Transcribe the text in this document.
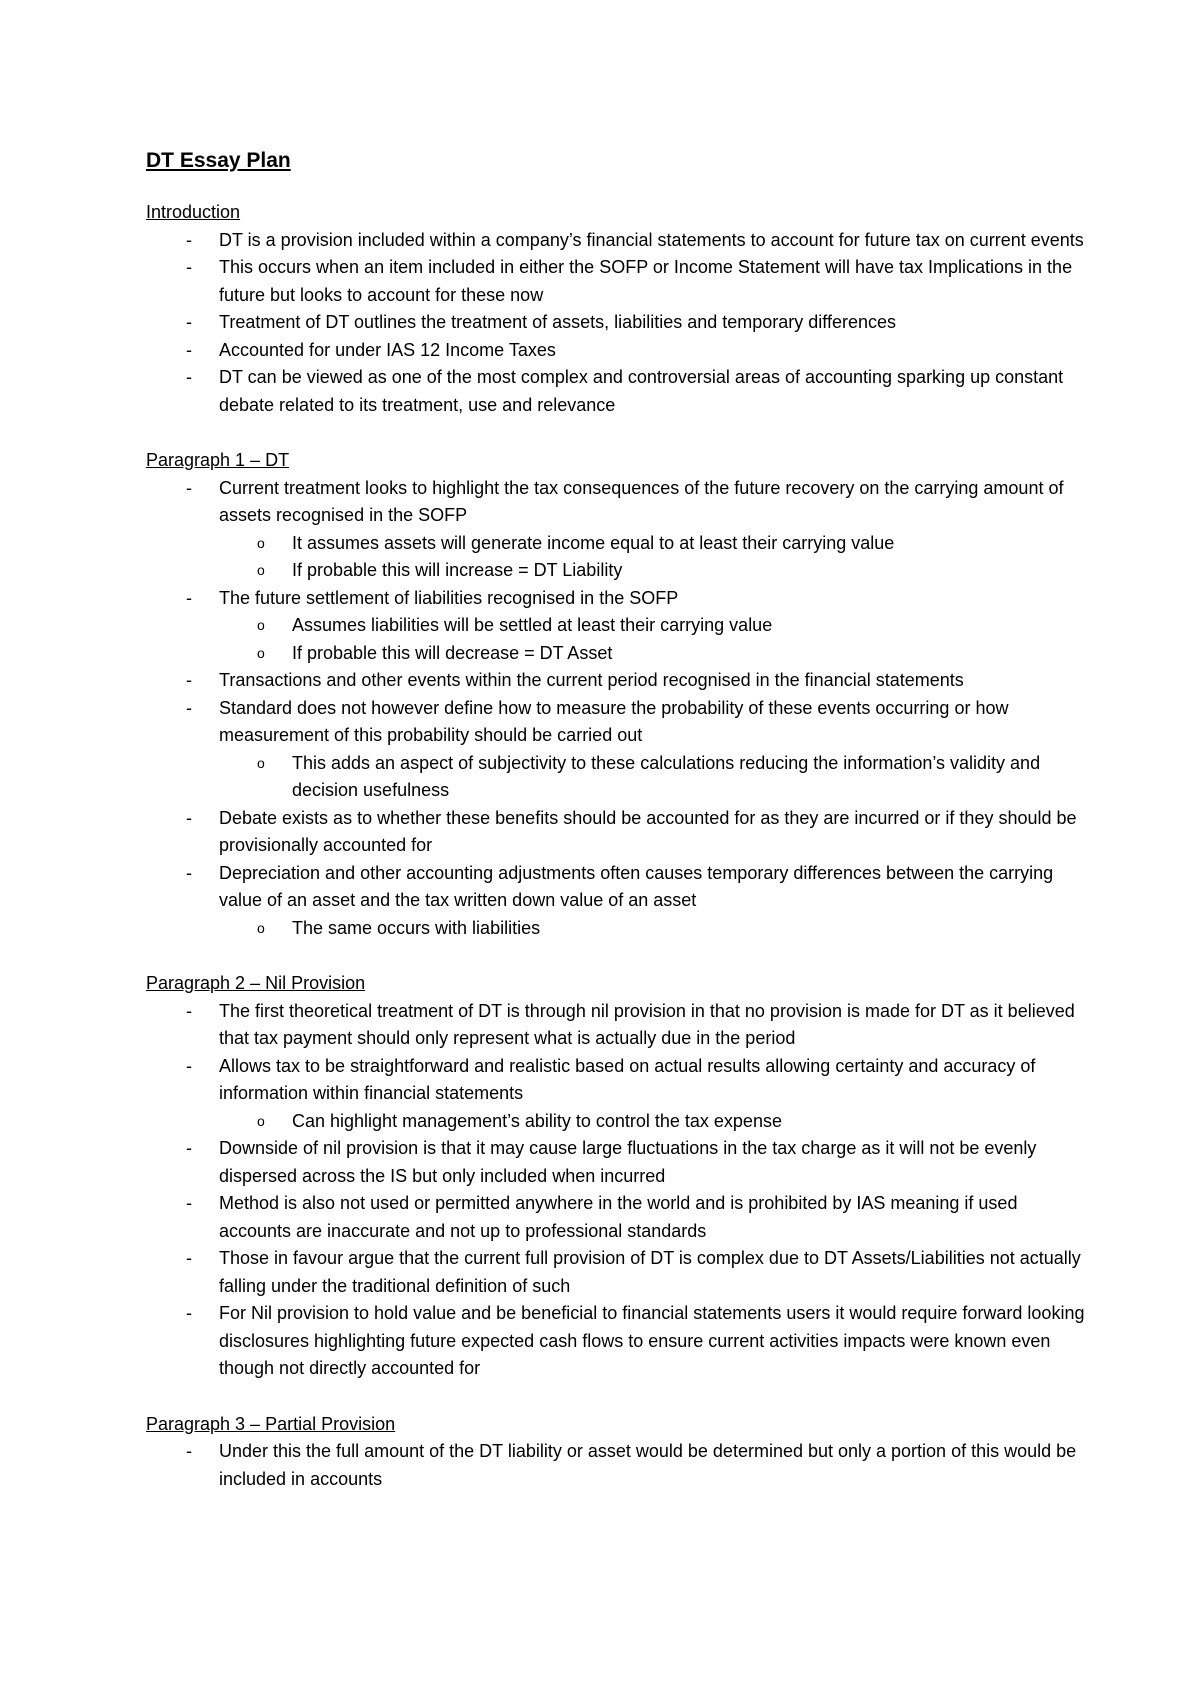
DT Essay Plan
Introduction
- DT is a provision included within a company’s financial statements to account for future tax on current events
- This occurs when an item included in either the SOFP or Income Statement will have tax Implications in the future but looks to account for these now
- Treatment of DT outlines the treatment of assets, liabilities and temporary differences
- Accounted for under IAS 12 Income Taxes
- DT can be viewed as one of the most complex and controversial areas of accounting sparking up constant debate related to its treatment, use and relevance
Paragraph 1 – DT
- Current treatment looks to highlight the tax consequences of the future recovery on the carrying amount of assets recognised in the SOFP
o It assumes assets will generate income equal to at least their carrying value
o If probable this will increase = DT Liability
- The future settlement of liabilities recognised in the SOFP
o Assumes liabilities will be settled at least their carrying value
o If probable this will decrease = DT Asset
- Transactions and other events within the current period recognised in the financial statements
- Standard does not however define how to measure the probability of these events occurring or how measurement of this probability should be carried out
o This adds an aspect of subjectivity to these calculations reducing the information’s validity and decision usefulness
- Debate exists as to whether these benefits should be accounted for as they are incurred or if they should be provisionally accounted for
- Depreciation and other accounting adjustments often causes temporary differences between the carrying value of an asset and the tax written down value of an asset
o The same occurs with liabilities
Paragraph 2 – Nil Provision
- The first theoretical treatment of DT is through nil provision in that no provision is made for DT as it believed that tax payment should only represent what is actually due in the period
- Allows tax to be straightforward and realistic based on actual results allowing certainty and accuracy of information within financial statements
o Can highlight management’s ability to control the tax expense
- Downside of nil provision is that it may cause large fluctuations in the tax charge as it will not be evenly dispersed across the IS but only included when incurred
- Method is also not used or permitted anywhere in the world and is prohibited by IAS meaning if used accounts are inaccurate and not up to professional standards
- Those in favour argue that the current full provision of DT is complex due to DT Assets/Liabilities not actually falling under the traditional definition of such
- For Nil provision to hold value and be beneficial to financial statements users it would require forward looking disclosures highlighting future expected cash flows to ensure current activities impacts were known even though not directly accounted for
Paragraph 3 – Partial Provision
- Under this the full amount of the DT liability or asset would be determined but only a portion of this would be included in accounts
